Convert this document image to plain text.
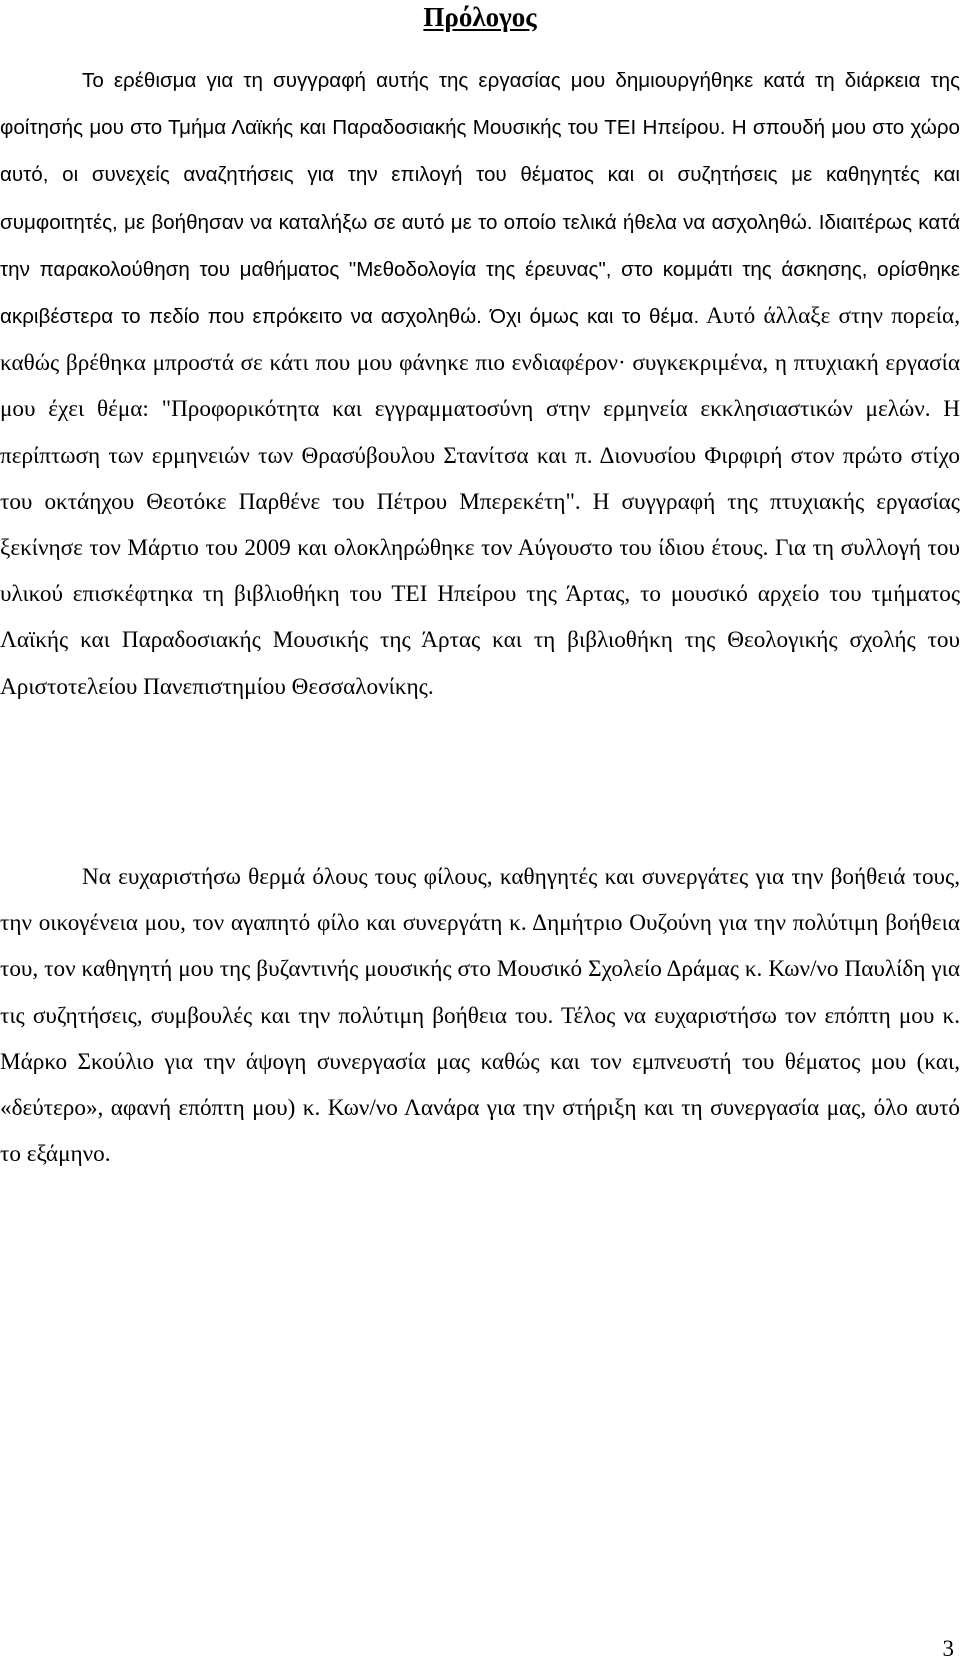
Πρόλογος

Το ερέθισμα για τη συγγραφή αυτής της εργασίας μου δημιουργήθηκε κατά τη διάρκεια της φοίτησής μου στο Τμήμα Λαϊκής και Παραδοσιακής Μουσικής του ΤΕΙ Ηπείρου. Η σπουδή μου στο χώρο αυτό, οι συνεχείς αναζητήσεις για την επιλογή του θέματος και οι συζητήσεις με καθηγητές και συμφοιτητές, με βοήθησαν να καταλήξω σε αυτό με το οποίο τελικά ήθελα να ασχοληθώ. Ιδιαιτέρως κατά την παρακολούθηση του μαθήματος "Μεθοδολογία της έρευνας", στο κομμάτι της άσκησης, ορίσθηκε ακριβέστερα το πεδίο που επρόκειτο να ασχοληθώ. Όχι όμως και το θέμα. Αυτό άλλαξε στην πορεία, καθώς βρέθηκα μπροστά σε κάτι που μου φάνηκε πιο ενδιαφέρον· συγκεκριμένα, η πτυχιακή εργασία μου έχει θέμα: "Προφορικότητα και εγγραμματοσύνη στην ερμηνεία εκκλησιαστικών μελών. Η περίπτωση των ερμηνειών των Θρασύβουλου Στανίτσα και π. Διονυσίου Φιρφιρή στον πρώτο στίχο του οκτάηχου Θεοτόκε Παρθένε του Πέτρου Μπερεκέτη". Η συγγραφή της πτυχιακής εργασίας ξεκίνησε τον Μάρτιο του 2009 και ολοκληρώθηκε τον Αύγουστο του ίδιου έτους. Για τη συλλογή του υλικού επισκέφτηκα τη βιβλιοθήκη του ΤΕΙ Ηπείρου της Άρτας, το μουσικό αρχείο του τμήματος Λαϊκής και Παραδοσιακής Μουσικής της Άρτας και τη βιβλιοθήκη της Θεολογικής σχολής του Αριστοτελείου Πανεπιστημίου Θεσσαλονίκης.

Να ευχαριστήσω θερμά όλους τους φίλους, καθηγητές και συνεργάτες για την βοήθειά τους, την οικογένεια μου, τον αγαπητό φίλο και συνεργάτη κ. Δημήτριο Ουζούνη για την πολύτιμη βοήθεια του, τον καθηγητή μου της βυζαντινής μουσικής στο Μουσικό Σχολείο Δράμας κ. Κων/νο Παυλίδη για τις συζητήσεις, συμβουλές και την πολύτιμη βοήθεια του. Τέλος να ευχαριστήσω τον επόπτη μου κ. Μάρκο Σκούλιο για την άψογη συνεργασία μας καθώς και τον εμπνευστή του θέματος μου (και, «δεύτερο», αφανή επόπτη μου) κ. Κων/νο Λανάρα για την στήριξη και τη συνεργασία μας, όλο αυτό το εξάμηνο.

3
